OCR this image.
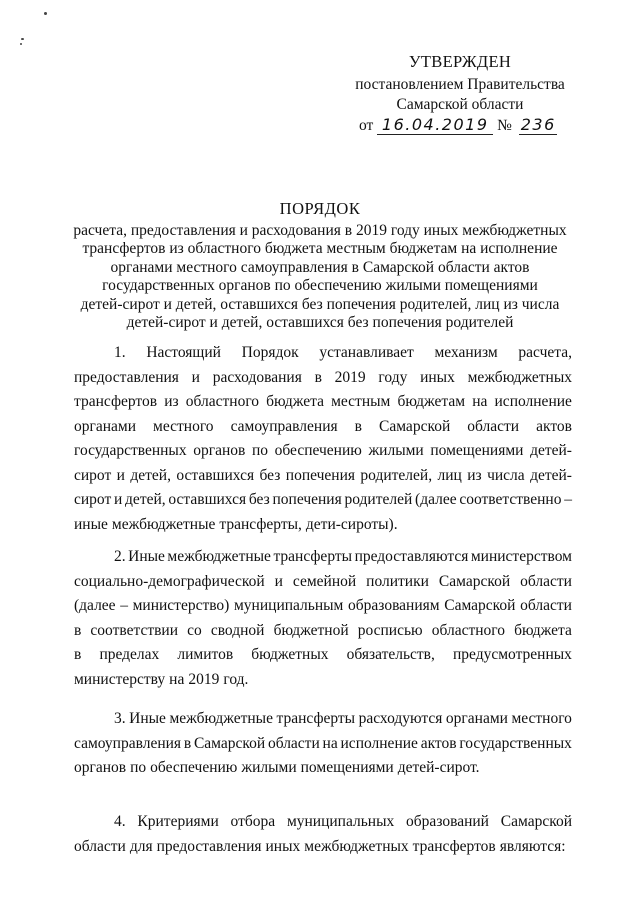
УТВЕРЖДЕН
постановлением Правительства
Самарской области
от 16.04.2019 № 236
ПОРЯДОК
расчета, предоставления и расходования в 2019 году иных межбюджетных
трансфертов из областного бюджета местным бюджетам на исполнение
органами местного самоуправления в Самарской области актов
государственных органов по обеспечению жилыми помещениями
детей-сирот и детей, оставшихся без попечения родителей, лиц из числа
детей-сирот и детей, оставшихся без попечения родителей
1. Настоящий Порядок устанавливает механизм расчета,
предоставления и расходования в 2019 году иных межбюджетных
трансфертов из областного бюджета местным бюджетам на исполнение
органами местного самоуправления в Самарской области актов
государственных органов по обеспечению жилыми помещениями детей-
сирот и детей, оставшихся без попечения родителей, лиц из числа детей-
сирот и детей, оставшихся без попечения родителей (далее соответственно –
иные межбюджетные трансферты, дети-сироты).
2. Иные межбюджетные трансферты предоставляются министерством
социально-демографической и семейной политики Самарской области
(далее – министерство) муниципальным образованиям Самарской области
в соответствии со сводной бюджетной росписью областного бюджета
в пределах лимитов бюджетных обязательств, предусмотренных
министерству на 2019 год.
3. Иные межбюджетные трансферты расходуются органами местного
самоуправления в Самарской области на исполнение актов государственных
органов по обеспечению жилыми помещениями детей-сирот.
4. Критериями отбора муниципальных образований Самарской
области для предоставления иных межбюджетных трансфертов являются:
